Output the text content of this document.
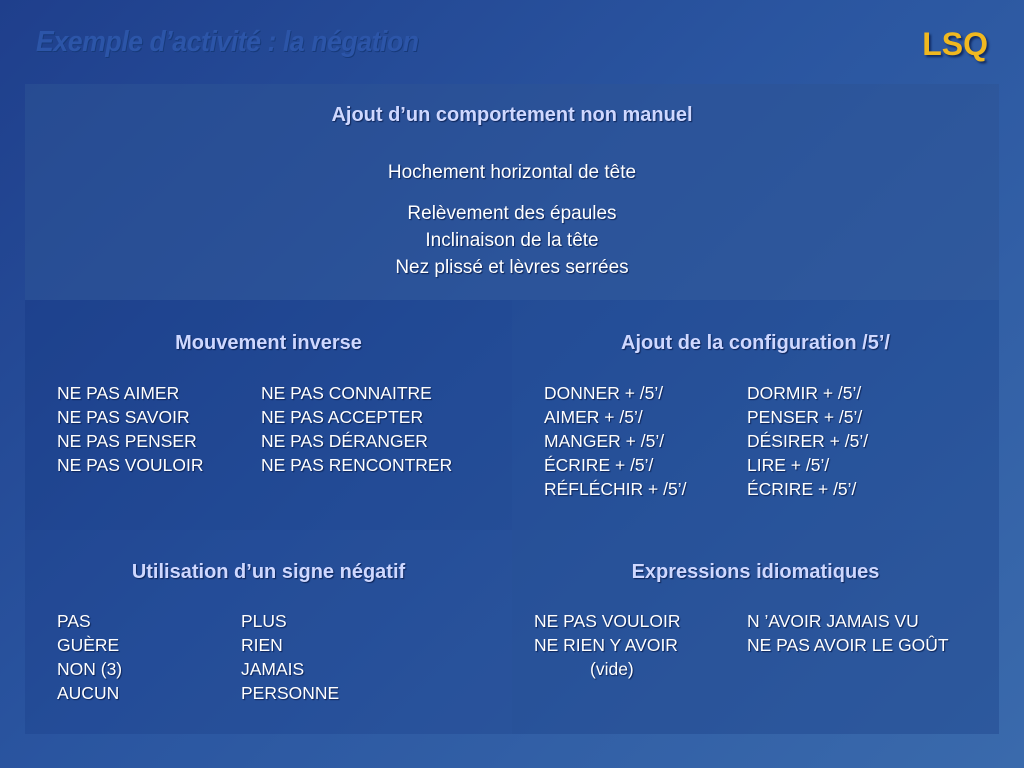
Exemple d’activité : la négation	LSQ
Ajout d’un comportement non manuel
Hochement horizontal de tête
Relèvement des épaules
Inclinaison de la tête
Nez plissé et lèvres serrées
Mouvement inverse
NE PAS AIMER
NE PAS SAVOIR
NE PAS PENSER
NE PAS VOULOIR
NE PAS CONNAITRE
NE PAS ACCEPTER
NE PAS DÉRANGER
NE PAS RENCONTRER
Ajout de la configuration /5’/
DONNER + /5’/
AIMER + /5’/
MANGER + /5’/
ÉCRIRE + /5’/
RÉFLÉCHIR + /5’/
DORMIR + /5’/
PENSER + /5’/
DÉSIRER + /5’/
LIRE + /5’/
ÉCRIRE + /5’/
Utilisation d’un signe négatif
PAS
GUÈRE
NON (3)
AUCUN
PLUS
RIEN
JAMAIS
PERSONNE
Expressions idiomatiques
NE PAS VOULOIR
NE RIEN Y AVOIR
(vide)
N ’AVOIR JAMAIS VU
NE PAS AVOIR LE GOÛT
